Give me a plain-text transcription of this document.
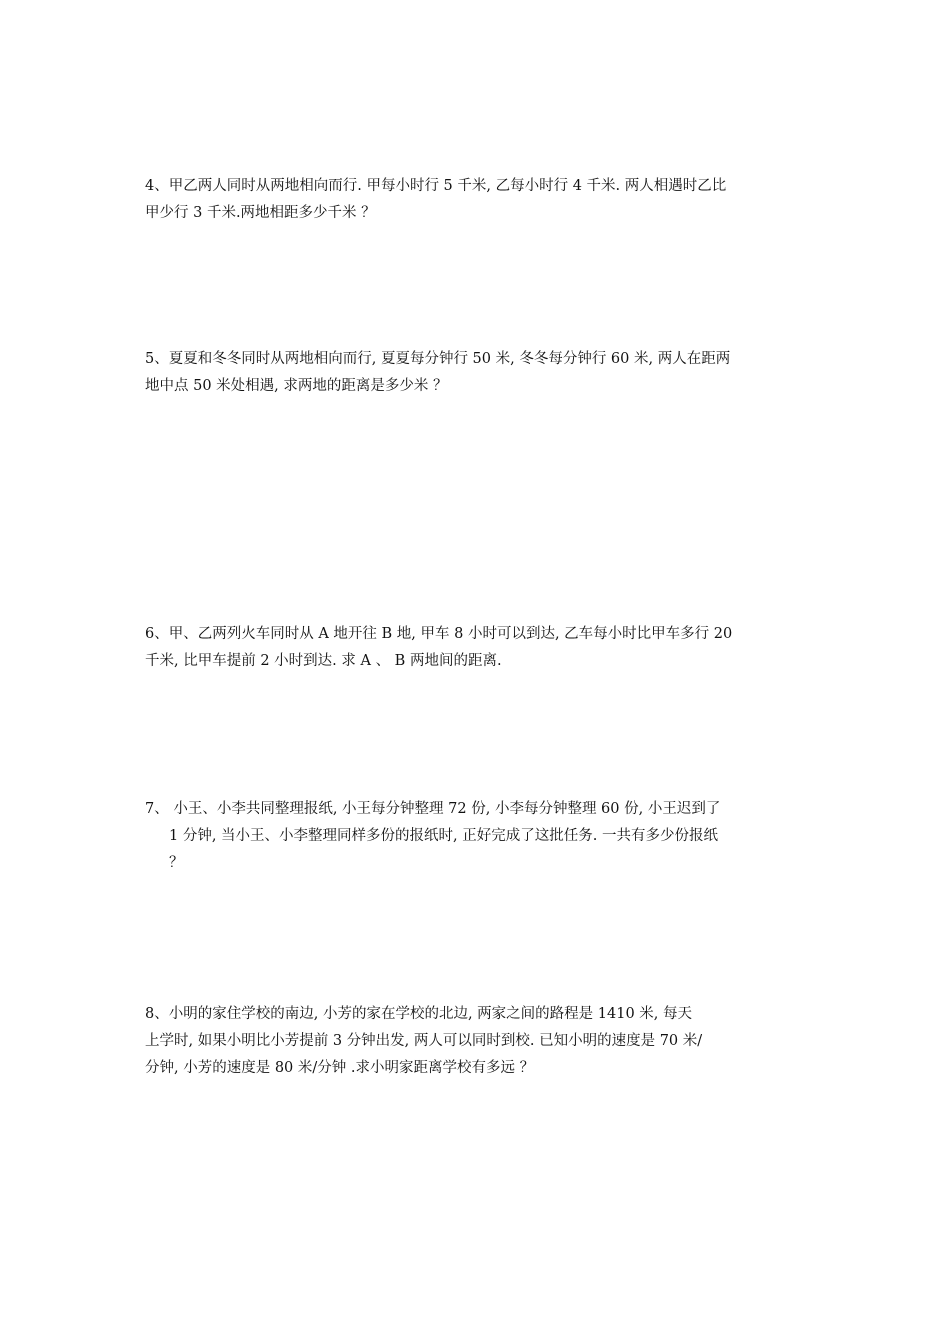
4、甲乙两人同时从两地相向而行. 甲每小时行 5 千米, 乙每小时行 4 千米. 两人相遇时乙比
甲少行 3 千米.两地相距多少千米 ？
5、夏夏和冬冬同时从两地相向而行, 夏夏每分钟行 50 米, 冬冬每分钟行 60 米, 两人在距两
地中点 50 米处相遇, 求两地的距离是多少米 ？
6、甲、乙两列火车同时从 A 地开往 B 地, 甲车 8 小时可以到达, 乙车每小时比甲车多行 20
千米, 比甲车提前 2 小时到达. 求 A 、 B 两地间的距离.
7、 小王、小李共同整理报纸, 小王每分钟整理 72 份, 小李每分钟整理 60 份, 小王迟到了
1 分钟, 当小王、小李整理同样多份的报纸时, 正好完成了这批任务. 一共有多少份报纸
？
8、小明的家住学校的南边, 小芳的家在学校的北边, 两家之间的路程是 1410 米, 每天
上学时, 如果小明比小芳提前 3 分钟出发, 两人可以同时到校. 已知小明的速度是 70 米/
分钟, 小芳的速度是 80 米/分钟 .求小明家距离学校有多远 ？
